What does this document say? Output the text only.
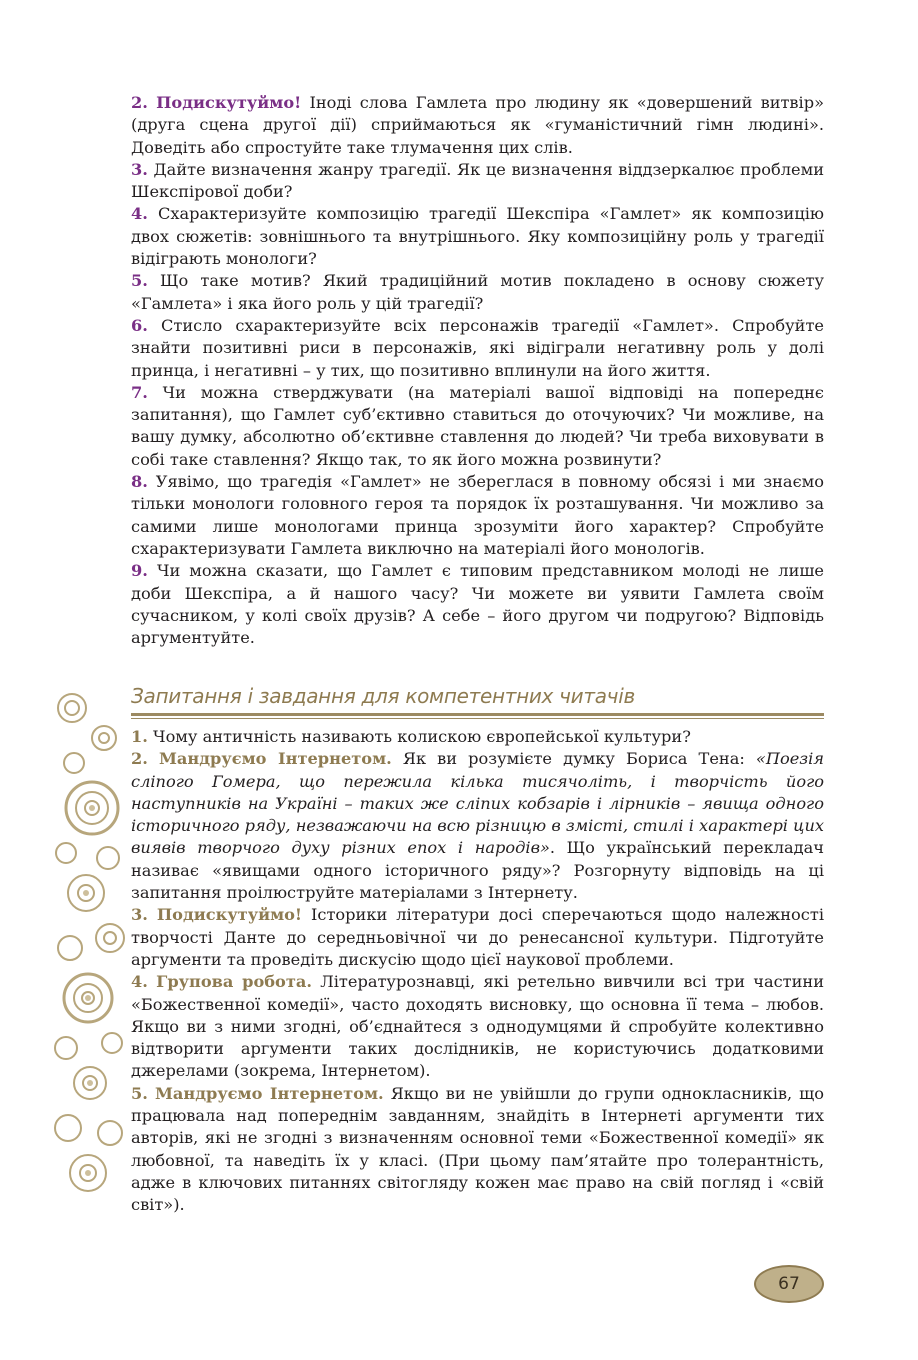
2. Подискутуймо! Іноді слова Гамлета про людину як «довершений витвір» (друга сцена другої дії) сприймаються як «гуманістичний гімн людині». Доведіть або спростуйте таке тлумачення цих слів.

3. Дайте визначення жанру трагедії. Як це визначення віддзеркалює проблеми Шекспірової доби?

4. Схарактеризуйте композицію трагедії Шекспіра «Гамлет» як композицію двох сюжетів: зовнішнього та внутрішнього. Яку композиційну роль у трагедії відіграють монологи?

5. Що таке мотив? Який традиційний мотив покладено в основу сюжету «Гамлета» і яка його роль у цій трагедії?

6. Стисло схарактеризуйте всіх персонажів трагедії «Гамлет». Спробуйте знайти позитивні риси в персонажів, які відіграли негативну роль у долі принца, і негативні – у тих, що позитивно вплинули на його життя.

7. Чи можна стверджувати (на матеріалі вашої відповіді на попереднє запитання), що Гамлет суб’єктивно ставиться до оточуючих? Чи можливе, на вашу думку, абсолютно об’єктивне ставлення до людей? Чи треба виховувати в собі таке ставлення? Якщо так, то як його можна розвинути?

8. Уявімо, що трагедія «Гамлет» не збереглася в повному обсязі і ми знаємо тільки монологи головного героя та порядок їх розташування. Чи можливо за самими лише монологами принца зрозуміти його характер? Спробуйте схарактеризувати Гамлета виключно на матеріалі його монологів.

9. Чи можна сказати, що Гамлет є типовим представником молоді не лише доби Шекспіра, а й нашого часу? Чи можете ви уявити Гамлета своїм сучасником, у колі своїх друзів? А себе – його другом чи подругою? Відповідь аргументуйте.

Запитання і завдання для компетентних читачів

1. Чому античність називають колискою європейської культури?

2. Мандруємо Інтернетом. Як ви розумієте думку Бориса Тена: «Поезія сліпого Гомера, що пережила кілька тисячоліть, і творчість його наступників на Україні – таких же сліпих кобзарів і лірників – явища одного історичного ряду, незважаючи на всю різницю в змісті, стилі і характері цих виявів творчого духу різних епох і народів». Що український перекладач називає «явищами одного історичного ряду»? Розгорнуту відповідь на ці запитання проілюструйте матеріалами з Інтернету.

3. Подискутуймо! Історики літератури досі сперечаються щодо належності творчості Данте до середньовічної чи до ренесансної культури. Підготуйте аргументи та проведіть дискусію щодо цієї наукової проблеми.

4. Групова робота. Літературознавці, які ретельно вивчили всі три частини «Божественної комедії», часто доходять висновку, що основна її тема – любов. Якщо ви з ними згодні, об’єднайтеся з однодумцями й спробуйте колективно відтворити аргументи таких дослідників, не користуючись додатковими джерелами (зокрема, Інтернетом).

5. Мандруємо Інтернетом. Якщо ви не увійшли до групи однокласників, що працювала над попереднім завданням, знайдіть в Інтернеті аргументи тих авторів, які не згодні з визначенням основної теми «Божественної комедії» як любовної, та наведіть їх у класі. (При цьому пам’ятайте про толерантність, адже в ключових питаннях світогляду кожен має право на свій погляд і «свій світ»).

67
